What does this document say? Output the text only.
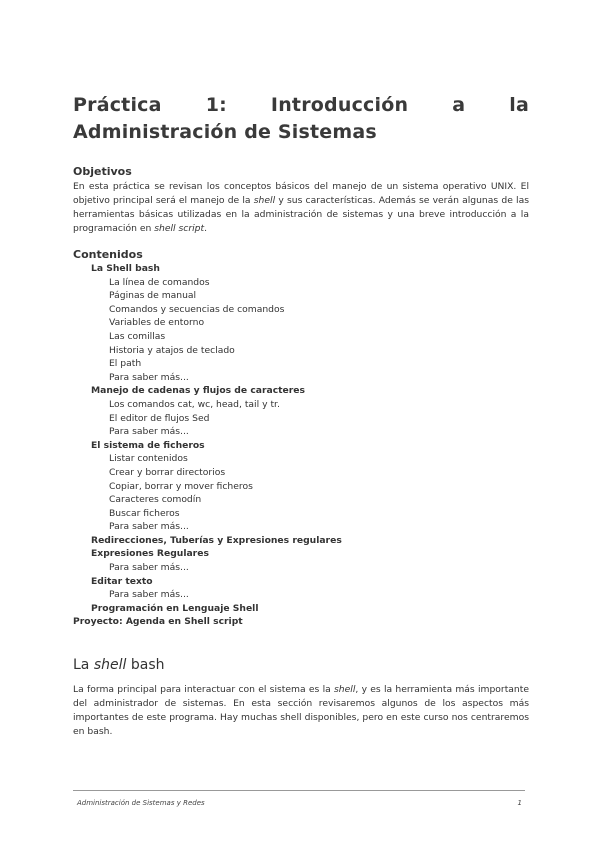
Práctica 1: Introducción a la Administración de Sistemas
Objetivos
En esta práctica se revisan los conceptos básicos del manejo de un sistema operativo UNIX. El objetivo principal será el manejo de la shell y sus características. Además se verán algunas de las herramientas básicas utilizadas en la administración de sistemas y una breve introducción a la programación en shell script.
Contenidos
La Shell bash
La línea de comandos
Páginas de manual
Comandos y secuencias de comandos
Variables de entorno
Las comillas
Historia y atajos de teclado
El path
Para saber más...
Manejo de cadenas y flujos de caracteres
Los comandos cat, wc, head, tail y tr.
El editor de flujos Sed
Para saber más...
El sistema de ficheros
Listar contenidos
Crear y borrar directorios
Copiar, borrar y mover ficheros
Caracteres comodín
Buscar ficheros
Para saber más...
Redirecciones, Tuberías y Expresiones regulares
Expresiones Regulares
Para saber más...
Editar texto
Para saber más...
Programación en Lenguaje Shell
Proyecto: Agenda en Shell script
La shell bash
La forma principal para interactuar con el sistema es la shell, y es la herramienta más importante del administrador de sistemas. En esta sección revisaremos algunos de los aspectos más importantes de este programa. Hay muchas shell disponibles, pero en este curso nos centraremos en bash.
Administración de Sistemas y Redes	1
